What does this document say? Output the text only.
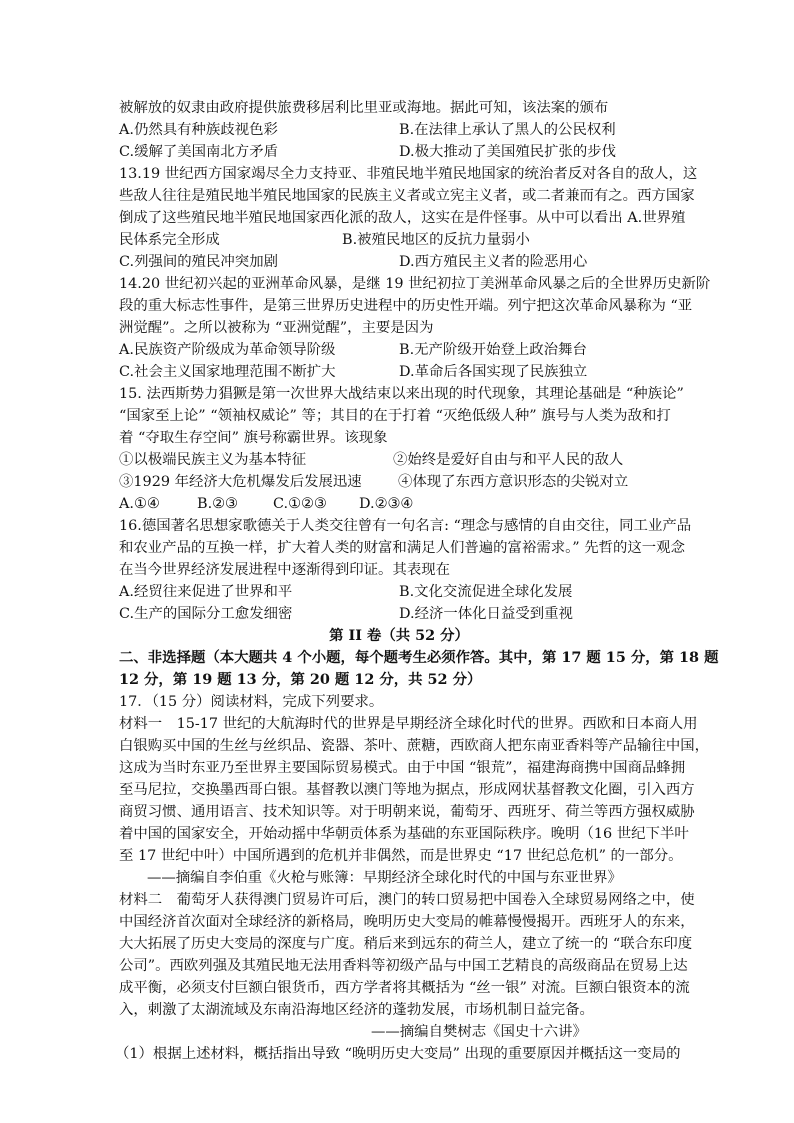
被解放的奴隶由政府提供旅费移居利比里亚或海地。据此可知，该法案的颁布
A.仍然具有种族歧视色彩	B.在法律上承认了黑人的公民权利
C.缓解了美国南北方矛盾	D.极大推动了美国殖民扩张的步伐
13.19 世纪西方国家竭尽全力支持亚、非殖民地半殖民地国家的统治者反对各自的敌人，这
些敌人往往是殖民地半殖民地国家的民族主义者或立宪主义者，或二者兼而有之。西方国家
倒成了这些殖民地半殖民地国家西化派的敌人，这实在是件怪事。从中可以看出 A.世界殖
民体系完全形成	B.被殖民地区的反抗力量弱小
C.列强间的殖民冲突加剧	D.西方殖民主义者的险恶用心
14.20 世纪初兴起的亚洲革命风暴，是继 19 世纪初拉丁美洲革命风暴之后的全世界历史新阶
段的重大标志性事件，是第三世界历史进程中的历史性开端。列宁把这次革命风暴称为 “亚
洲觉醒”。之所以被称为 “亚洲觉醒”，主要是因为
A.民族资产阶级成为革命领导阶级	B.无产阶级开始登上政治舞台
C.社会主义国家地理范围不断扩大	D.革命后各国实现了民族独立
15. 法西斯势力猖獗是第一次世界大战结束以来出现的时代现象，其理论基础是 “种族论”
“国家至上论” “领袖权威论” 等；其目的在于打着 “灭绝低级人种” 旗号与人类为敌和打
着 “夺取生存空间” 旗号称霸世界。该现象
①以极端民族主义为基本特征	②始终是爱好自由与和平人民的敌人
③1929 年经济大危机爆发后发展迅速	④体现了东西方意识形态的尖锐对立
A.①④	B.②③ C.①②③ D.②③④
16.德国著名思想家歌德关于人类交往曾有一句名言: “理念与感情的自由交往，同工业产品
和农业产品的互换一样，扩大着人类的财富和满足人们普遍的富裕需求。” 先哲的这一观念
在当今世界经济发展进程中逐渐得到印证。其表现在
A.经贸往来促进了世界和平	B.文化交流促进全球化发展
C.生产的国际分工愈发细密	D.经济一体化日益受到重视
第 II 卷（共 52 分）
二、非选择题（本大题共 4 个小题，每个题考生必须作答。其中，第 17 题 15 分，第 18 题
12 分，第 19 题 13 分，第 20 题 12 分，共 52 分）
17．（15 分）阅读材料，完成下列要求。
材料一　15-17 世纪的大航海时代的世界是早期经济全球化时代的世界。西欧和日本商人用
白银购买中国的生丝与丝织品、瓷器、茶叶、蔗糖，西欧商人把东南亚香料等产品输往中国，
这成为当时东亚乃至世界主要国际贸易模式。由于中国 “银荒”，福建海商携中国商品蜂拥
至马尼拉，交换墨西哥白银。基督教以澳门等地为据点，形成网状基督教文化圈，引入西方
商贸习惯、通用语言、技术知识等。对于明朝来说，葡萄牙、西班牙、荷兰等西方强权威胁
着中国的国家安全，开始动摇中华朝贡体系为基础的东亚国际秩序。晚明（16 世纪下半叶
至 17 世纪中叶）中国所遇到的危机并非偶然，而是世界史 “17 世纪总危机” 的一部分。
——摘编自李伯重《火枪与账簿：早期经济全球化时代的中国与东亚世界》
材料二　葡萄牙人获得澳门贸易许可后，澳门的转口贸易把中国卷入全球贸易网络之中，使
中国经济首次面对全球经济的新格局，晚明历史大变局的帷幕慢慢揭开。西班牙人的东来，
大大拓展了历史大变局的深度与广度。稍后来到远东的荷兰人，建立了统一的 “联合东印度
公司”。西欧列强及其殖民地无法用香料等初级产品与中国工艺精良的高级商品在贸易上达
成平衡，必须支付巨额白银货币，西方学者将其概括为 “丝一银” 对流。巨额白银资本的流
入，刺激了太湖流域及东南沿海地区经济的蓬勃发展，市场机制日益完备。
——摘编自樊树志《国史十六讲》
（1）根据上述材料，概括指出导致 “晚明历史大变局” 出现的重要原因并概括这一变局的
